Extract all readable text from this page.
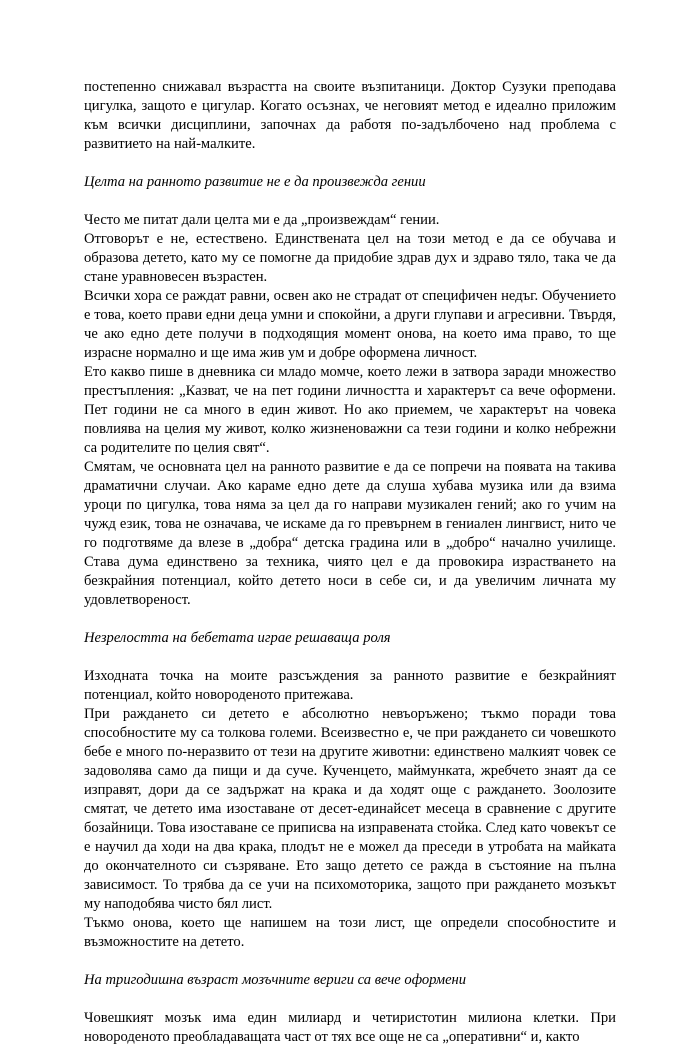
постепенно снижавал възрастта на своите възпитаници. Доктор Сузуки преподава цигулка, защото е цигулар. Когато осъзнах, че неговият метод е идеално приложим към всички дисциплини, започнах да работя по-задълбочено над проблема с развитието на най-малките.

Целта на ранното развитие не е да произвежда гении

Често ме питат дали целта ми е да „произвеждам“ гении.

Отговорът е не, естествено. Единствената цел на този метод е да се обучава и образова детето, като му се помогне да придобие здрав дух и здраво тяло, така че да стане уравновесен възрастен.

Всички хора се раждат равни, освен ако не страдат от специфичен недъг. Обучението е това, което прави едни деца умни и спокойни, а други глупави и агресивни. Твърдя, че ако едно дете получи в подходящия момент онова, на което има право, то ще израсне нормално и ще има жив ум и добре оформена личност.

Ето какво пише в дневника си младо момче, което лежи в затвора заради множество престъпления: „Казват, че на пет години личността и характерът са вече оформени. Пет години не са много в един живот. Но ако приемем, че характерът на човека повлиява на целия му живот, колко жизненоважни са тези години и колко небрежни са родителите по целия свят“.

Смятам, че основната цел на ранното развитие е да се попречи на появата на такива драматични случаи. Ако караме едно дете да слуша хубава музика или да взима уроци по цигулка, това няма за цел да го направи музикален гений; ако го учим на чужд език, това не означава, че искаме да го превърнем в гениален лингвист, нито че го подготвяме да влезе в „добра“ детска градина или в „добро“ начално училище. Става дума единствено за техника, чиято цел е да провокира израстването на безкрайния потенциал, който детето носи в себе си, и да увеличим личната му удовлетвореност.

Незрелостта на бебетата играе решаваща роля

Изходната точка на моите разсъждения за ранното развитие е безкрайният потенциал, който новороденото притежава.

При раждането си детето е абсолютно невъоръжено; тъкмо поради това способностите му са толкова големи. Всеизвестно е, че при раждането си човешкото бебе е много по-неразвито от тези на другите животни: единствено малкият човек се задоволява само да пищи и да суче. Кученцето, маймунката, жребчето знаят да се изправят, дори да се задържат на крака и да ходят още с раждането. Зоолозите смятат, че детето има изоставане от десет-единайсет месеца в сравнение с другите бозайници. Това изоставане се приписва на изправената стойка. След като човекът се е научил да ходи на два крака, плодът не е можел да преседи в утробата на майката до окончателното си съзряване. Ето защо детето се ражда в състояние на пълна зависимост. То трябва да се учи на психомоторика, защото при раждането мозъкът му наподобява чисто бял лист.

Тъкмо онова, което ще напишем на този лист, ще определи способностите и възможностите на детето.

На тригодишна възраст мозъчните вериги са вече оформени

Човешкият мозък има един милиард и четиристотин милиона клетки. При новороденото преобладаващата част от тях все още не са „оперативни“ и, както
